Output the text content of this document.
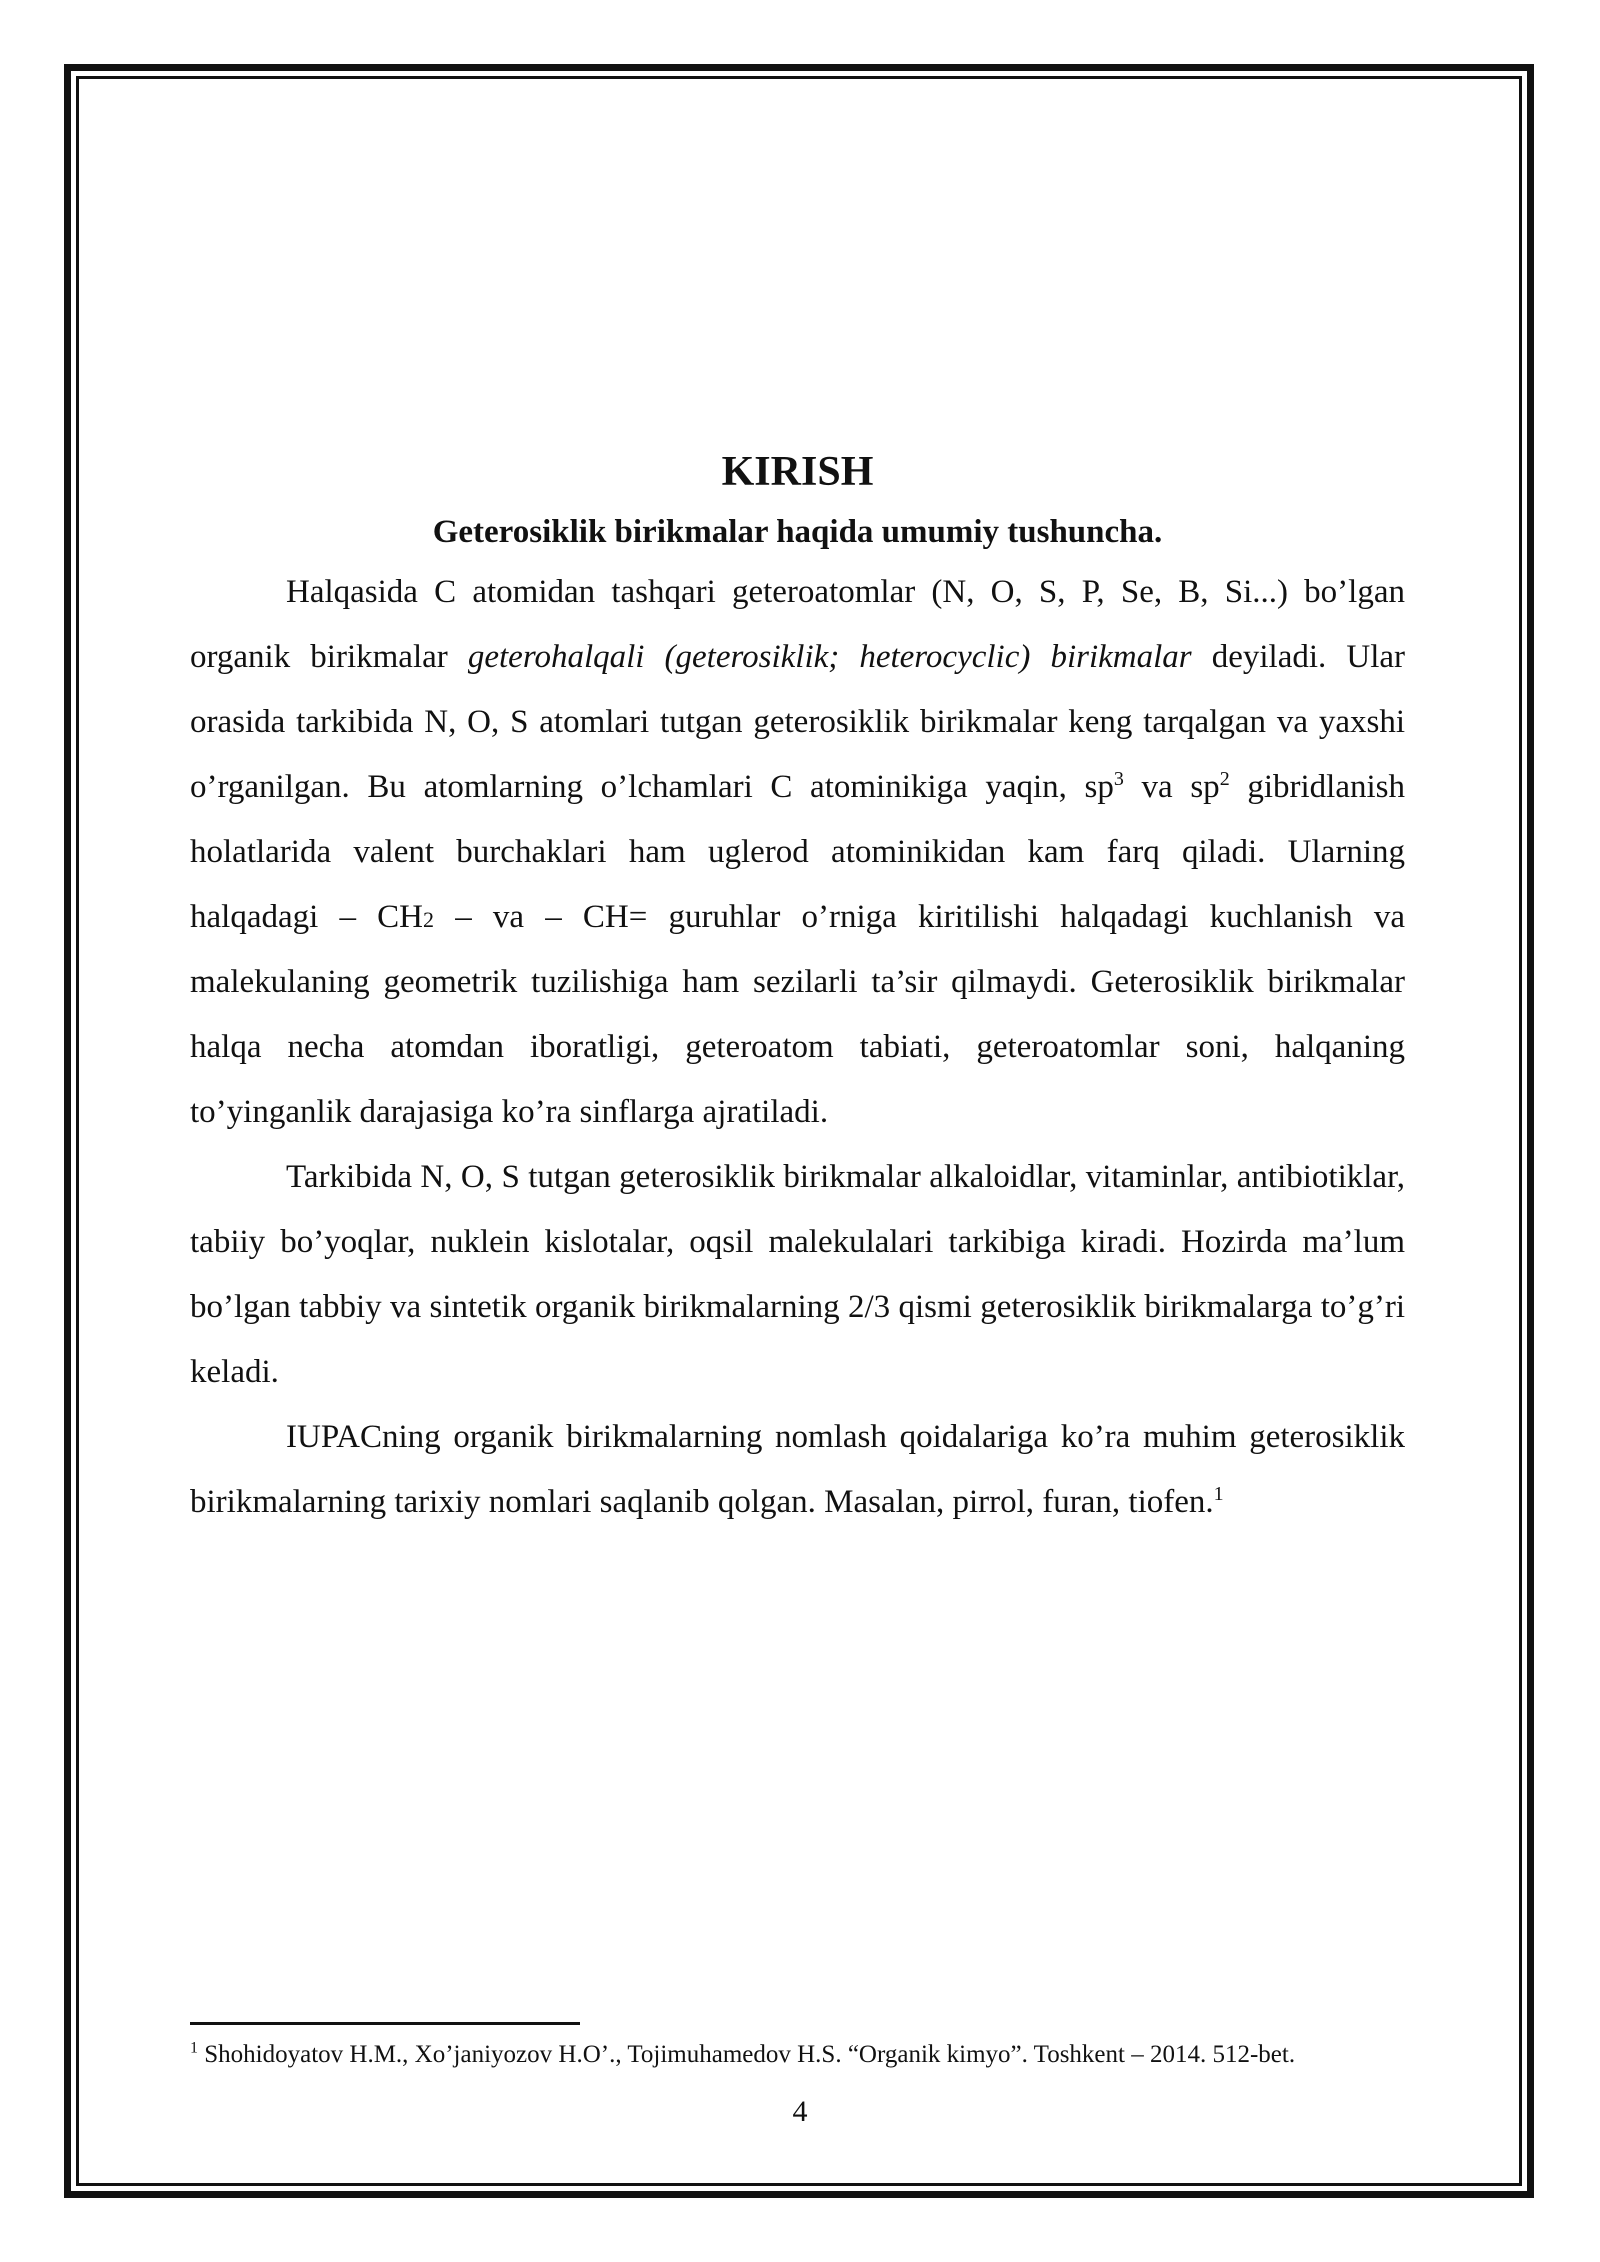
KIRISH
Geterosiklik birikmalar haqida umumiy tushuncha.

Halqasida C atomidan tashqari geteroatomlar (N, O, S, P, Se, B, Si...) bo’lgan organik birikmalar geterohalqali (geterosiklik; heterocyclic) birikmalar deyiladi. Ular orasida tarkibida N, O, S atomlari tutgan geterosiklik birikmalar keng tarqalgan va yaxshi o’rganilgan. Bu atomlarning o’lchamlari C atominikiga yaqin, $sp^3$ va $sp^2$ gibridlanish holatlarida valent burchaklari ham uglerod atominikidan kam farq qiladi. Ularning halqadagi – CH2 – va – CH= guruhlar o’rniga kiritilishi halqadagi kuchlanish va malekulaning geometrik tuzilishiga ham sezilarli ta’sir qilmaydi. Geterosiklik birikmalar halqa necha atomdan iboratligi, geteroatom tabiati, geteroatomlar soni, halqaning to’yinganlik darajasiga ko’ra sinflarga ajratiladi.

Tarkibida N, O, S tutgan geterosiklik birikmalar alkaloidlar, vitaminlar, antibiotiklar, tabiiy bo’yoqlar, nuklein kislotalar, oqsil malekulalari tarkibiga kiradi. Hozirda ma’lum bo’lgan tabbiy va sintetik organik birikmalarning 2/3 qismi geterosiklik birikmalarga to’g’ri keladi.

IUPACning organik birikmalarning nomlash qoidalariga ko’ra muhim geterosiklik birikmalarning tarixiy nomlari saqlanib qolgan. Masalan, pirrol, furan, tiofen.$^1$

$^1$ Shohidoyatov H.M., Xo’janiyozov H.O’., Tojimuhamedov H.S. “Organik kimyo”. Toshkent – 2014. 512-bet.
4
